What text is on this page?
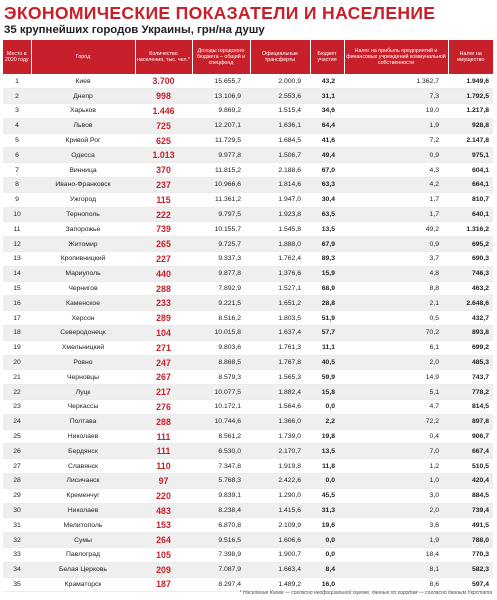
ЭКОНОМИЧЕСКИЕ ПОКАЗАТЕЛИ И НАСЕЛЕНИЕ
35 крупнейших городов Украины, грн/на душу
Место в 2020 году	Город	Количество населения, тыс. чел.*	Доходы городского бюджета – общий и спецфонд	Официальные трансферты	Бюджет участия	Налог на прибыль предприятий и финансовых учреждений коммунальной собственности	Налог на имущество
1	Киев	3.700	15.655,7	2.000,9	43,2	1.362,7	1.949,6
2	Днепр	998	13.106,9	2.553,6	31,1	7,3	1.792,5
3	Харьков	1.446	9.869,2	1.515,4	34,6	19,0	1.217,8
4	Львов	725	12.207,1	1.636,1	64,4	1,9	928,8
5	Кривой Рог	625	11.729,5	1.684,5	41,6	7,2	2.147,8
6	Одесса	1.013	9.977,8	1.506,7	49,4	0,9	975,1
7	Винница	370	11.815,2	2.188,6	67,0	4,3	604,1
8	Ивано-Франковск	237	10.966,6	1.814,6	63,3	4,2	664,1
9	Ужгород	115	11.361,2	1.947,0	30,4	1,7	810,7
10	Тернополь	222	9.797,5	1.923,8	63,5	1,7	640,1
11	Запорожье	739	10.155,7	1.545,8	13,5	49,2	1.316,2
12	Житомир	265	9.725,7	1.888,0	67,9	0,9	695,2
13	Кропивницкий	227	9.337,3	1.762,4	89,3	3,7	690,3
14	Мариуполь	440	9.877,8	1.376,6	15,9	4,8	746,3
15	Чернигов	288	7.892,9	1.527,1	68,9	8,8	463,2
16	Каменское	233	9.221,5	1.651,2	28,8	2,1	2.648,6
17	Херсон	289	8.516,2	1.803,5	51,9	0,5	432,7
18	Северодонецк	104	10.015,8	1.637,4	57,7	70,2	893,8
19	Хмельницкий	271	9.803,6	1.761,3	11,1	6,1	699,2
20	Ровно	247	8.868,5	1.767,8	40,5	2,0	485,3
21	Черновцы	267	8.579,3	1.565,3	59,9	14,9	743,7
22	Луцк	217	10.077,5	1.882,4	15,8	5,1	778,2
23	Черкассы	276	10.172,1	1.564,6	0,0	4,7	814,5
24	Полтава	288	10.744,6	1.366,0	2,2	72,2	897,8
25	Николаев	111	8.561,2	1.739,0	19,8	0,4	906,7
26	Бердянск	111	6.530,0	2.170,7	13,5	7,0	667,4
27	Славянск	110	7.347,8	1.919,8	11,8	1,2	510,5
28	Лисичанск	97	5.768,3	2.422,6	0,0	1,0	420,4
29	Кременчуг	220	9.839,1	1.290,0	45,5	3,0	884,5
30	Николаев	483	8.238,4	1.415,6	31,3	2,0	739,4
31	Мелитополь	153	6.870,8	2.109,9	19,6	3,6	491,5
32	Сумы	264	9.516,5	1.606,6	0,0	1,9	788,0
33	Павлоград	105	7.398,9	1.900,7	0,0	18,4	770,3
34	Белая Церковь	209	7.087,9	1.663,4	8,4	8,1	582,3
35	Краматорск	187	8.297,4	1.489,2	16,0	8,6	597,4
* Население Киева — согласно неофициальной оценке, данные по городам — согласно данным Укрстата
